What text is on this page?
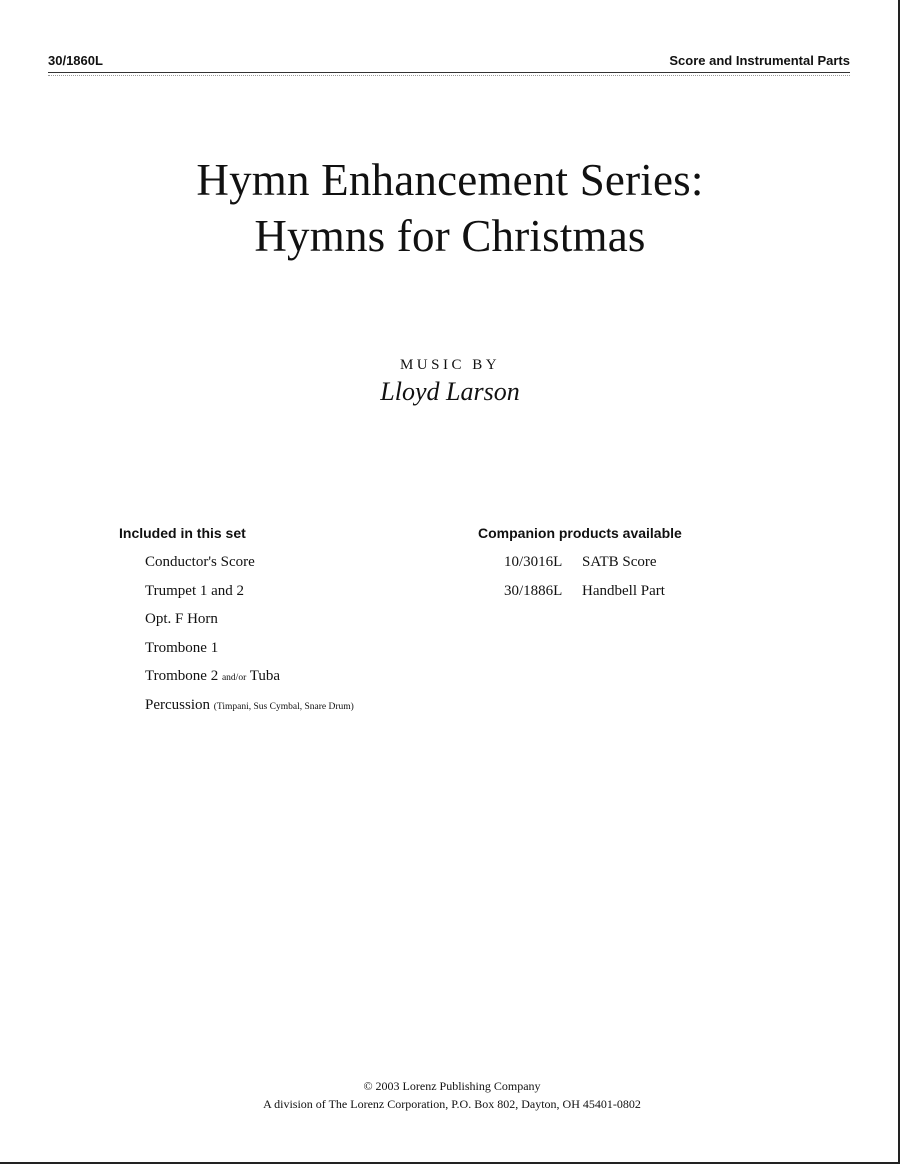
30/1860L	Score and Instrumental Parts
Hymn Enhancement Series:
Hymns for Christmas
MUSIC BY
Lloyd Larson
Included in this set
Conductor's Score
Trumpet 1 and 2
Opt. F Horn
Trombone 1
Trombone 2 and/or Tuba
Percussion (Timpani, Sus Cymbal, Snare Drum)
Companion products available
10/3016L SATB Score
30/1886L Handbell Part
© 2003 Lorenz Publishing Company
A division of The Lorenz Corporation, P.O. Box 802, Dayton, OH 45401-0802
